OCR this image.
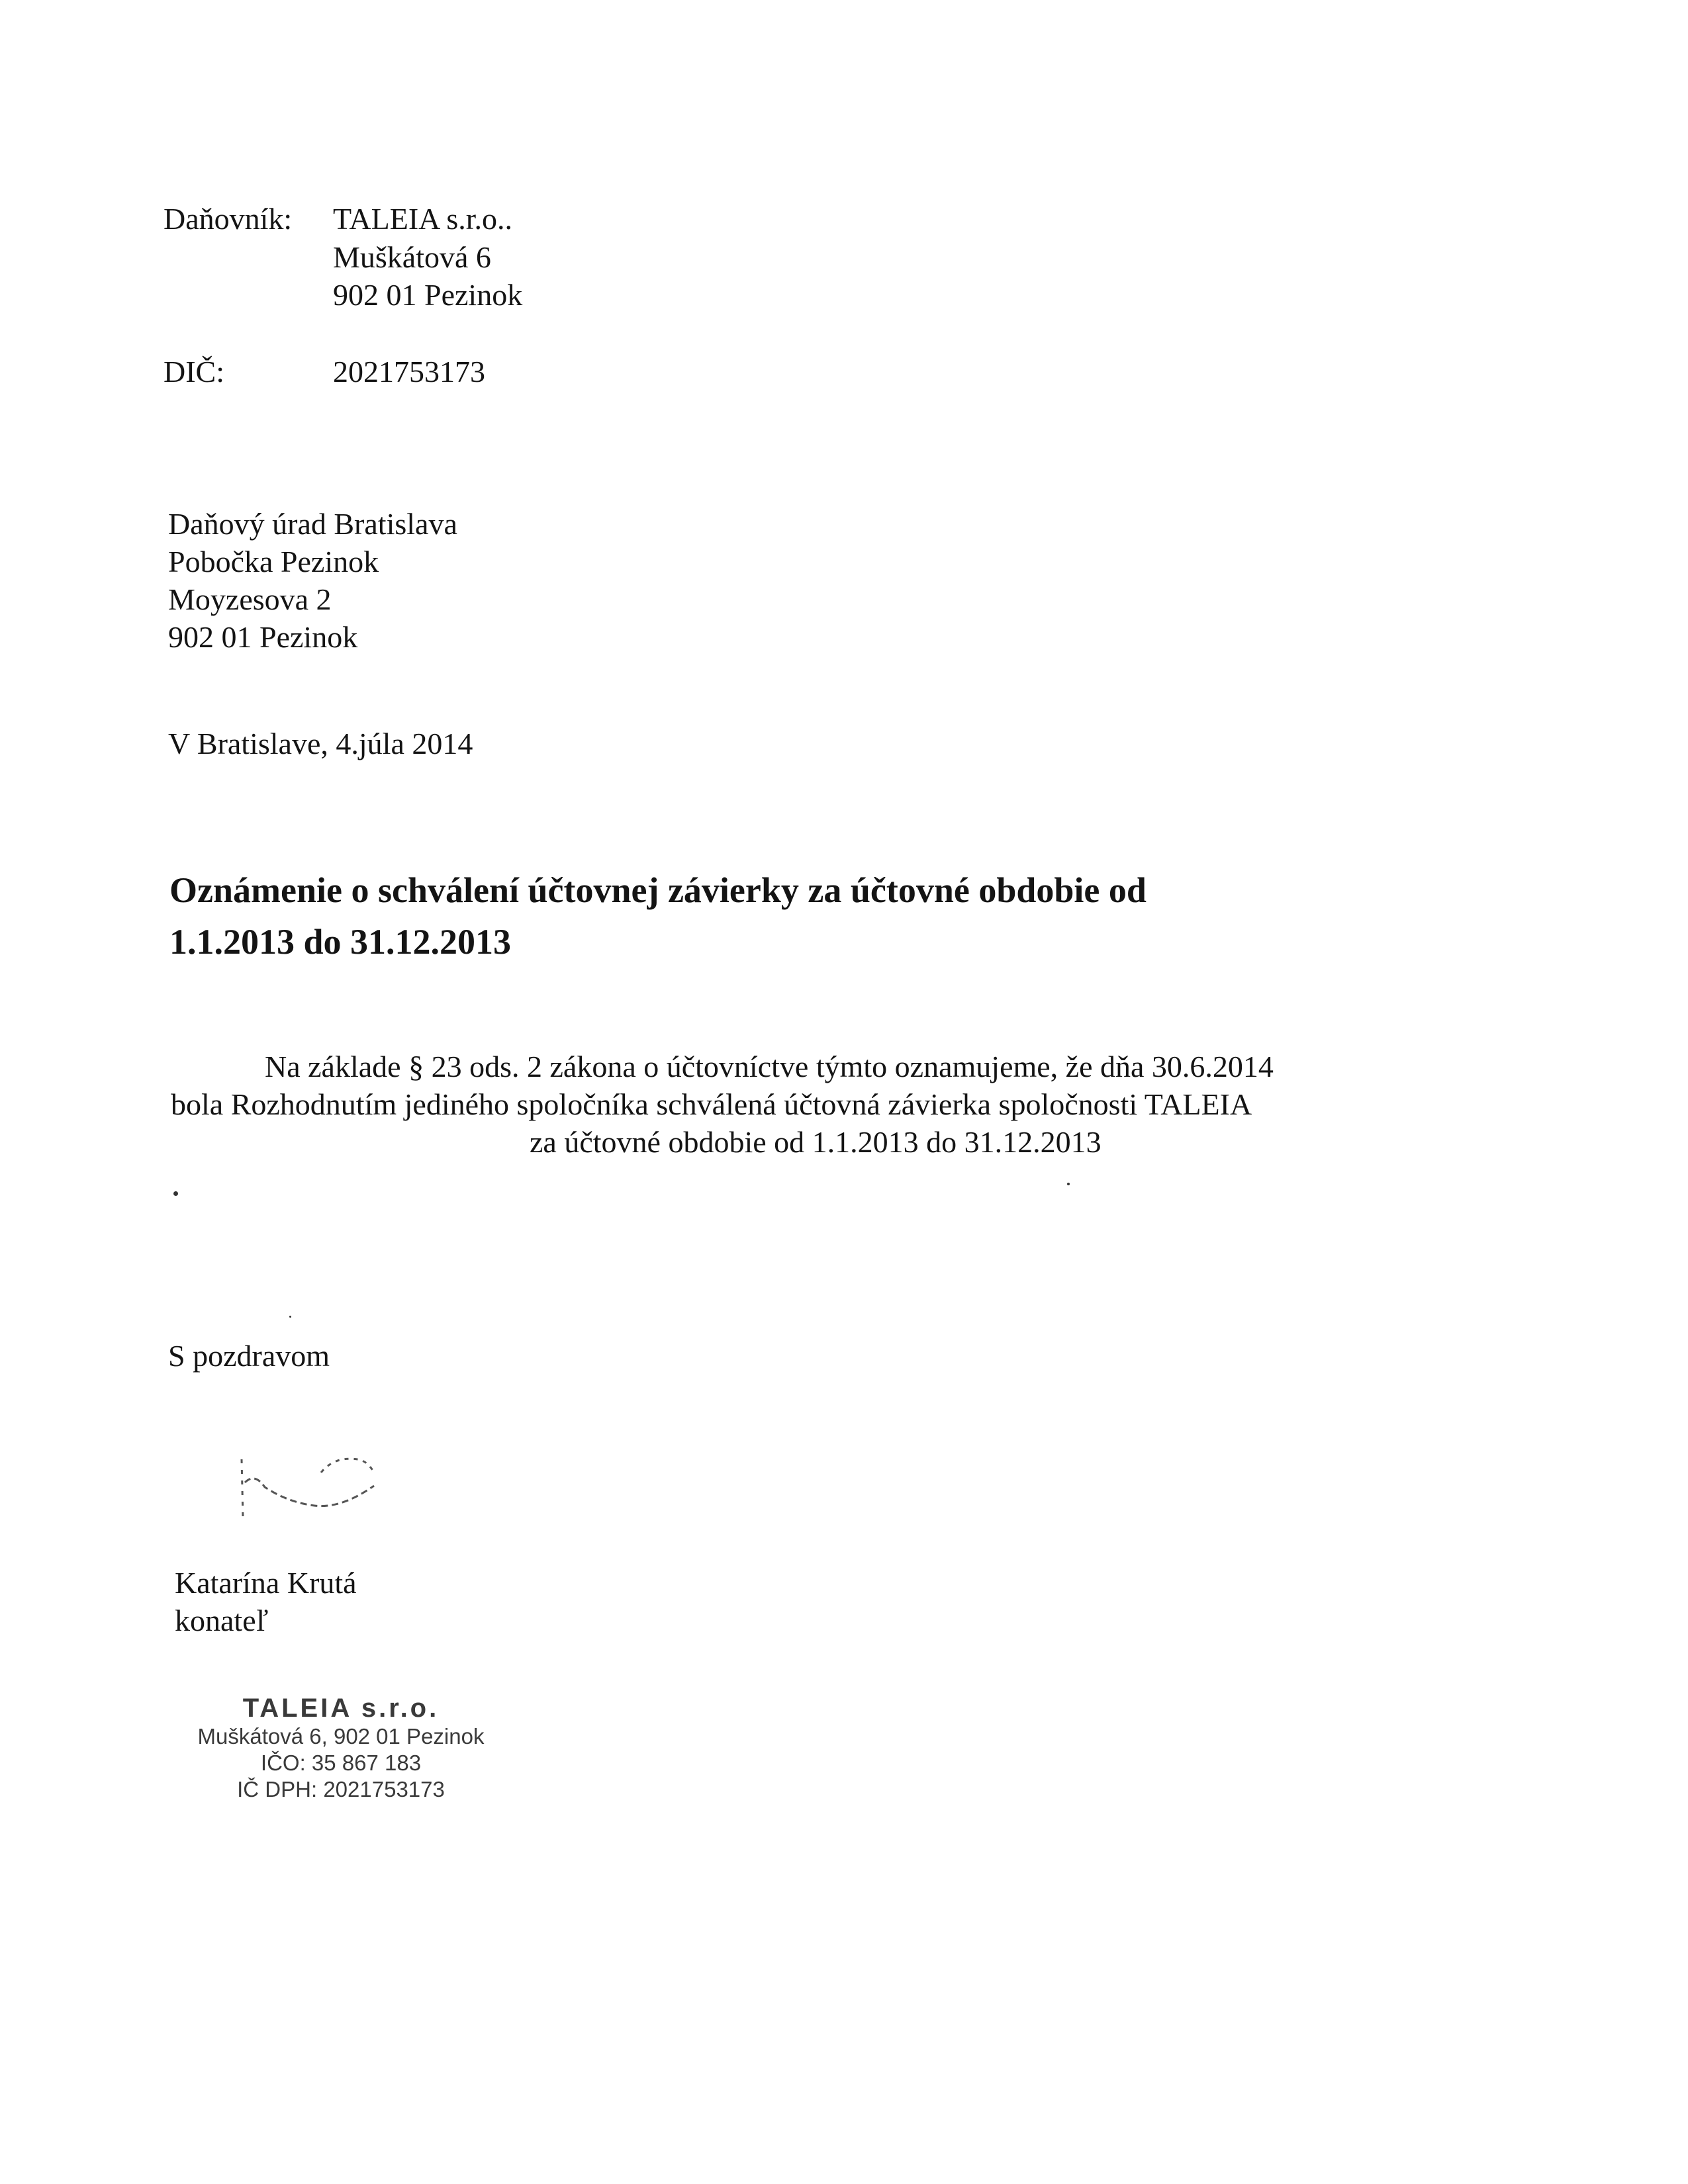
Daňovník: TALEIA s.r.o..
Muškátová 6
902 01 Pezinok
DIČ:	2021753173
Daňový úrad Bratislava
Pobočka Pezinok
Moyzesova 2
902 01 Pezinok
V Bratislave, 4.júla 2014
Oznámenie o schválení účtovnej závierky za účtovné obdobie od
1.1.2013 do 31.12.2013
Na základe § 23 ods. 2 zákona o účtovníctve týmto oznamujeme, že dňa 30.6.2014
bola Rozhodnutím jediného spoločníka schválená účtovná závierka spoločnosti TALEIA
za účtovné obdobie od 1.1.2013 do 31.12.2013
S pozdravom
Katarína Krutá
konateľ
TALEIA s.r.o.
Muškátová 6, 902 01 Pezinok
IČO: 35 867 183
IČ DPH: 2021753173
